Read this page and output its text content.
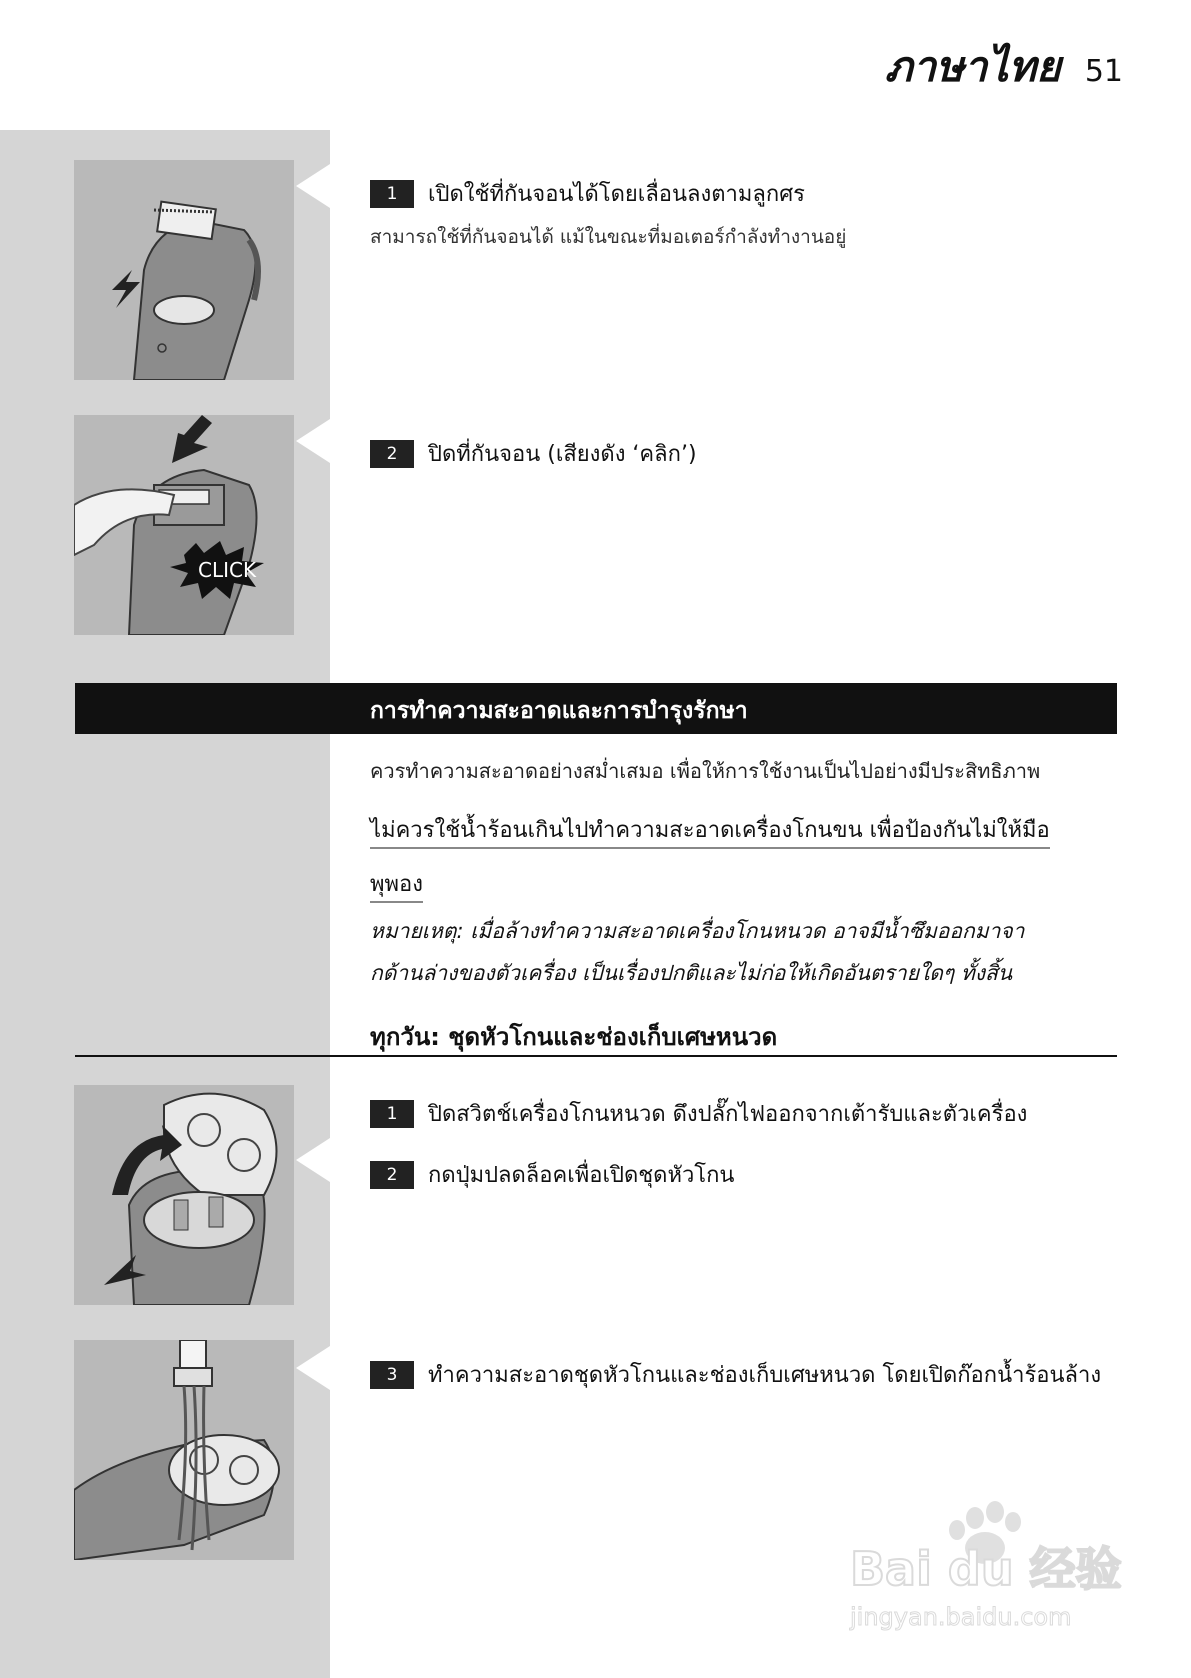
ภาษาไทย 51
CLICK
1	เปิดใช้ที่กันจอนได้โดยเลื่อนลงตามลูกศร
สามารถใช้ที่กันจอนได้ แม้ในขณะที่มอเตอร์กำลังทำงานอยู่
2	ปิดที่กันจอน (เสียงดัง ‘คลิก’)
การทำความสะอาดและการบำรุงรักษา
ควรทำความสะอาดอย่างสม่ำเสมอ เพื่อให้การใช้งานเป็นไปอย่างมีประสิทธิภาพ
ไม่ควรใช้น้ำร้อนเกินไปทำความสะอาดเครื่องโกนขน เพื่อป้องกันไม่ให้มือ
พุพอง
หมายเหตุ: เมื่อล้างทำความสะอาดเครื่องโกนหนวด อาจมีน้ำซึมออกมาจา
กด้านล่างของตัวเครื่อง เป็นเรื่องปกติและไม่ก่อให้เกิดอันตรายใดๆ ทั้งสิ้น
ทุกวัน: ชุดหัวโกนและช่องเก็บเศษหนวด
1	ปิดสวิตช์เครื่องโกนหนวด ดึงปลั๊กไฟออกจากเต้ารับและตัวเครื่อง
2	กดปุ่มปลดล็อคเพื่อเปิดชุดหัวโกน
3	ทำความสะอาดชุดหัวโกนและช่องเก็บเศษหนวด โดยเปิดก๊อกน้ำร้อนล้าง
Bai du 经验
jingyan.baidu.com
